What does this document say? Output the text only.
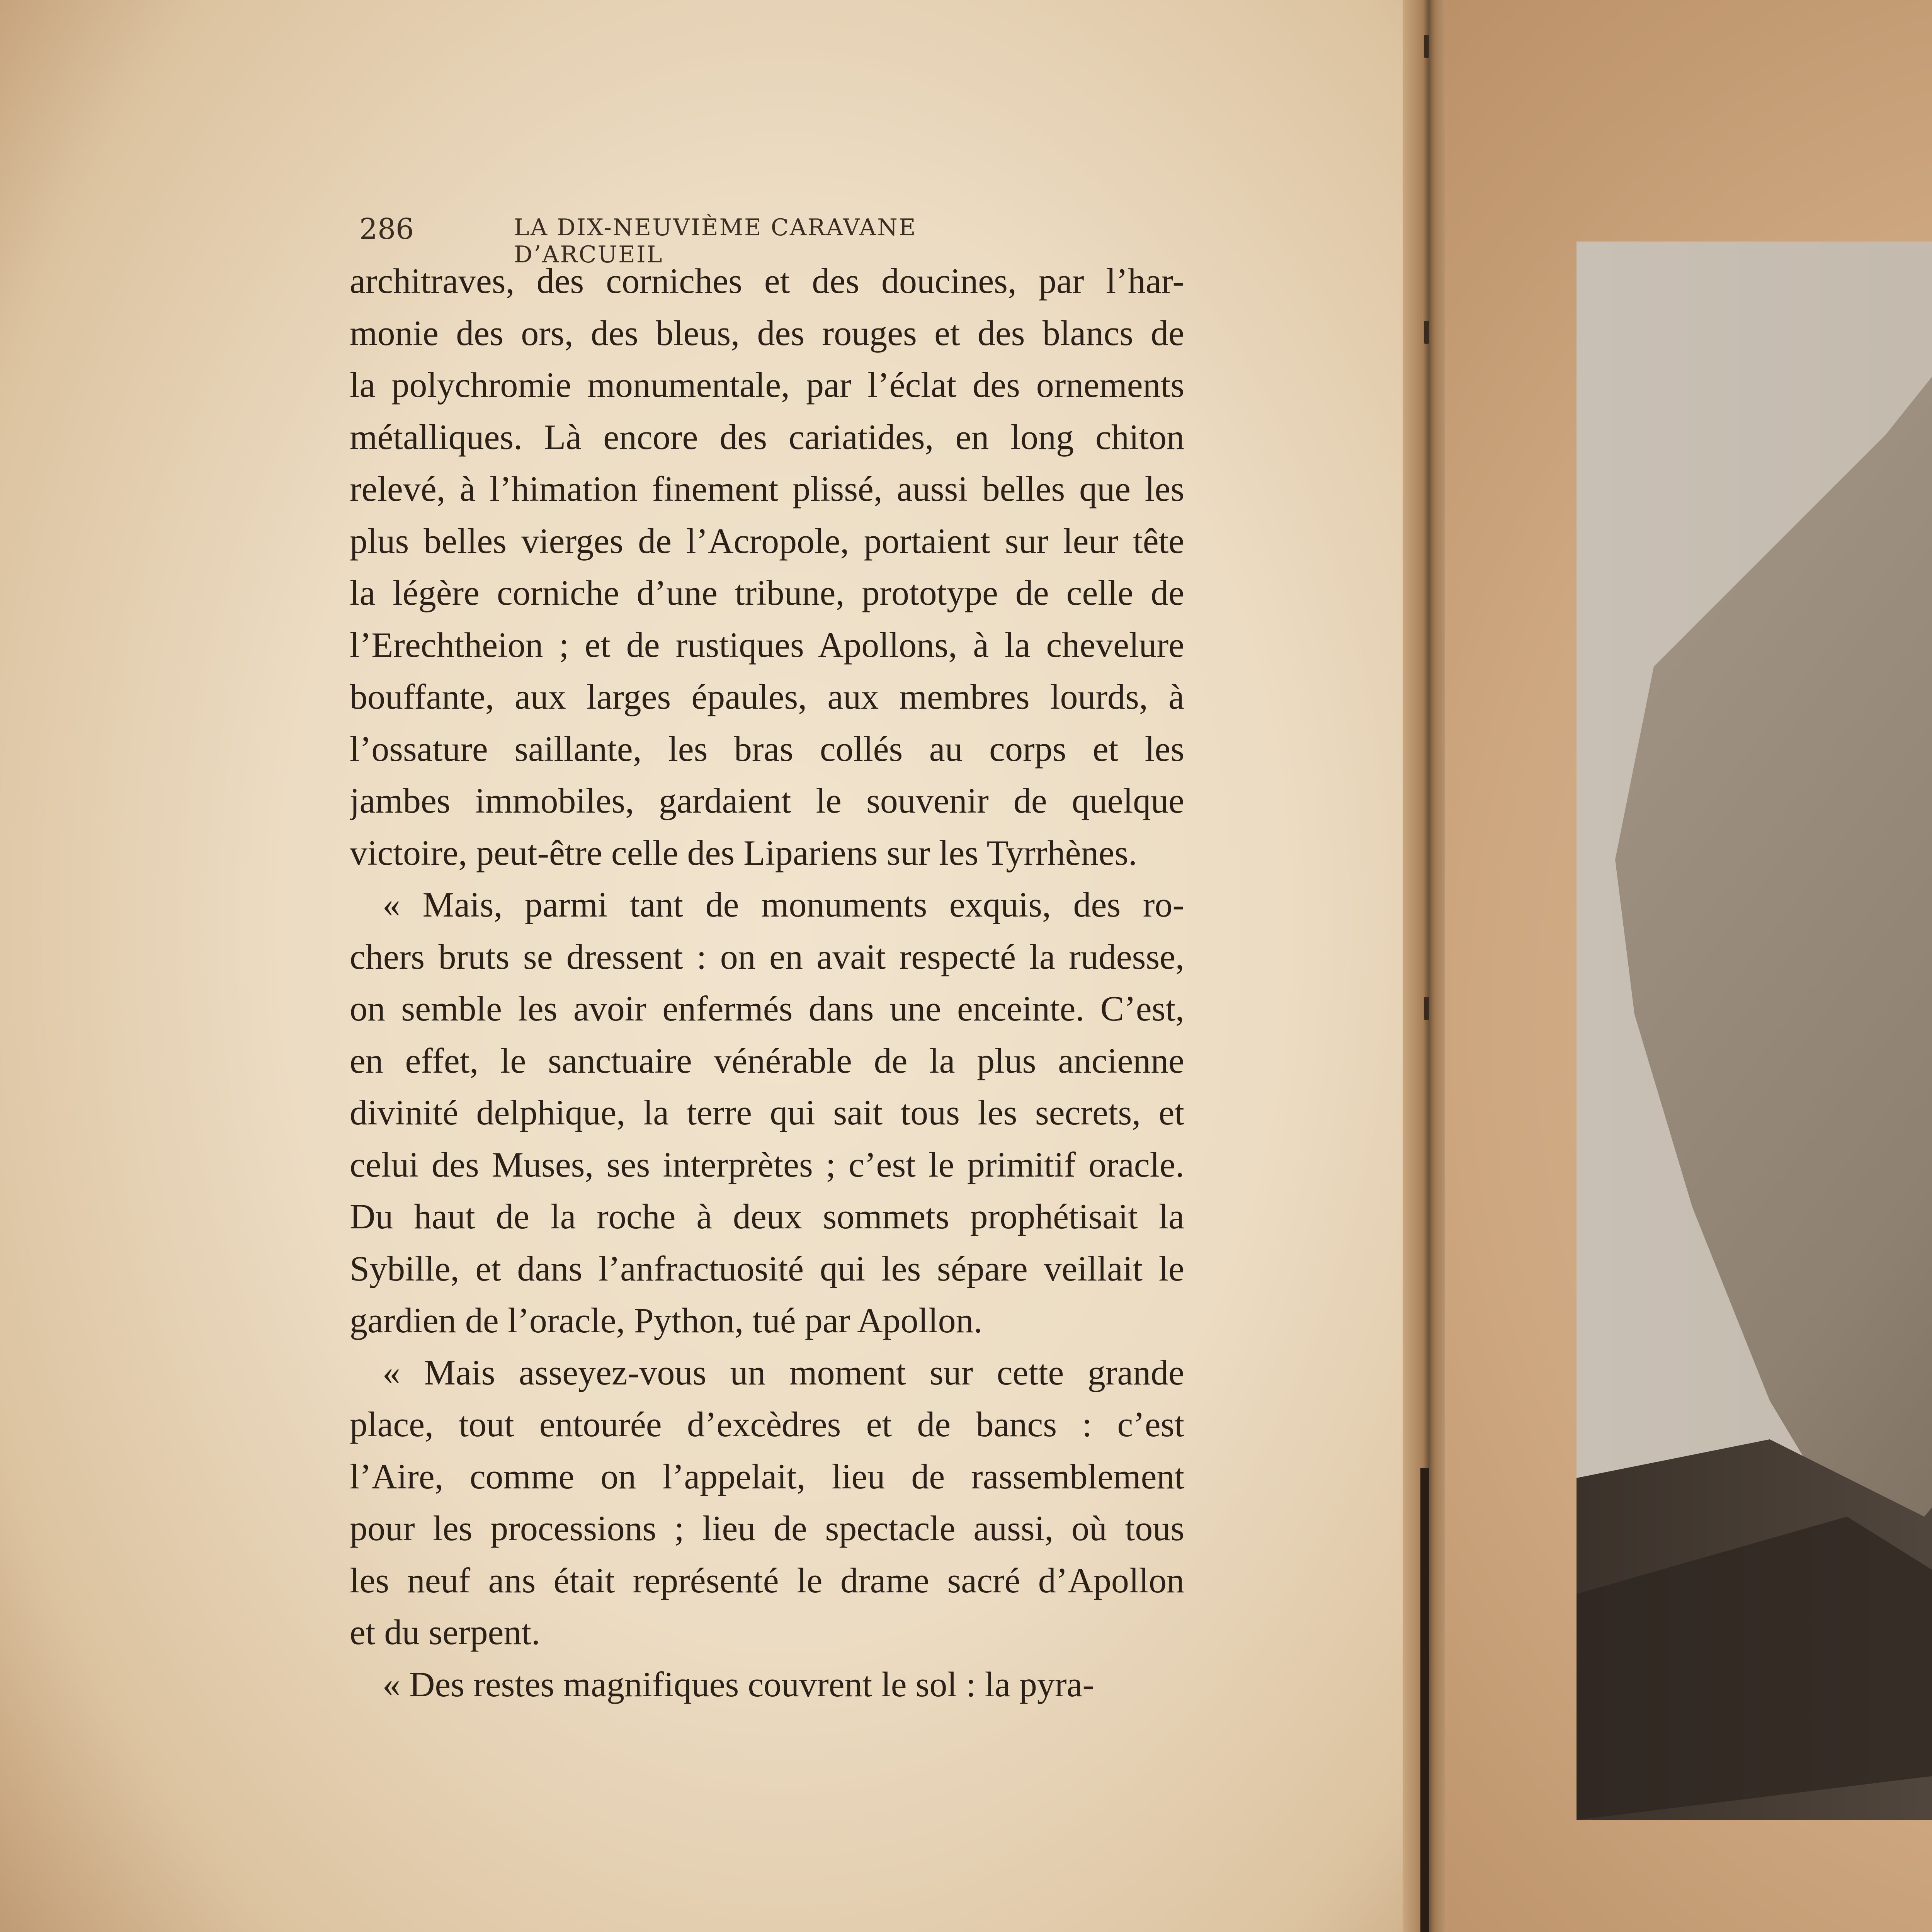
286	LA DIX-NEUVIÈME CARAVANE D’ARCUEIL
architraves, des corniches et des doucines, par l’har-
monie des ors, des bleus, des rouges et des blancs de
la polychromie monumentale, par l’éclat des ornements
métalliques. Là encore des cariatides, en long chiton
relevé, à l’himation finement plissé, aussi belles que les
plus belles vierges de l’Acropole, portaient sur leur tête
la légère corniche d’une tribune, prototype de celle de
l’Erechtheion ; et de rustiques Apollons, à la chevelure
bouffante, aux larges épaules, aux membres lourds, à
l’ossature saillante, les bras collés au corps et les
jambes immobiles, gardaient le souvenir de quelque
victoire, peut-être celle des Lipariens sur les Tyrrhènes.
« Mais, parmi tant de monuments exquis, des ro-
chers bruts se dressent : on en avait respecté la rudesse,
on semble les avoir enfermés dans une enceinte. C’est,
en effet, le sanctuaire vénérable de la plus ancienne
divinité delphique, la terre qui sait tous les secrets, et
celui des Muses, ses interprètes ; c’est le primitif oracle.
Du haut de la roche à deux sommets prophétisait la
Sybille, et dans l’anfractuosité qui les sépare veillait le
gardien de l’oracle, Python, tué par Apollon.
« Mais asseyez-vous un moment sur cette grande
place, tout entourée d’excèdres et de bancs : c’est
l’Aire, comme on l’appelait, lieu de rassemblement
pour les processions ; lieu de spectacle aussi, où tous
les neuf ans était représenté le drame sacré d’Apollon
et du serpent.
« Des restes magnifiques couvrent le sol : la pyra-
